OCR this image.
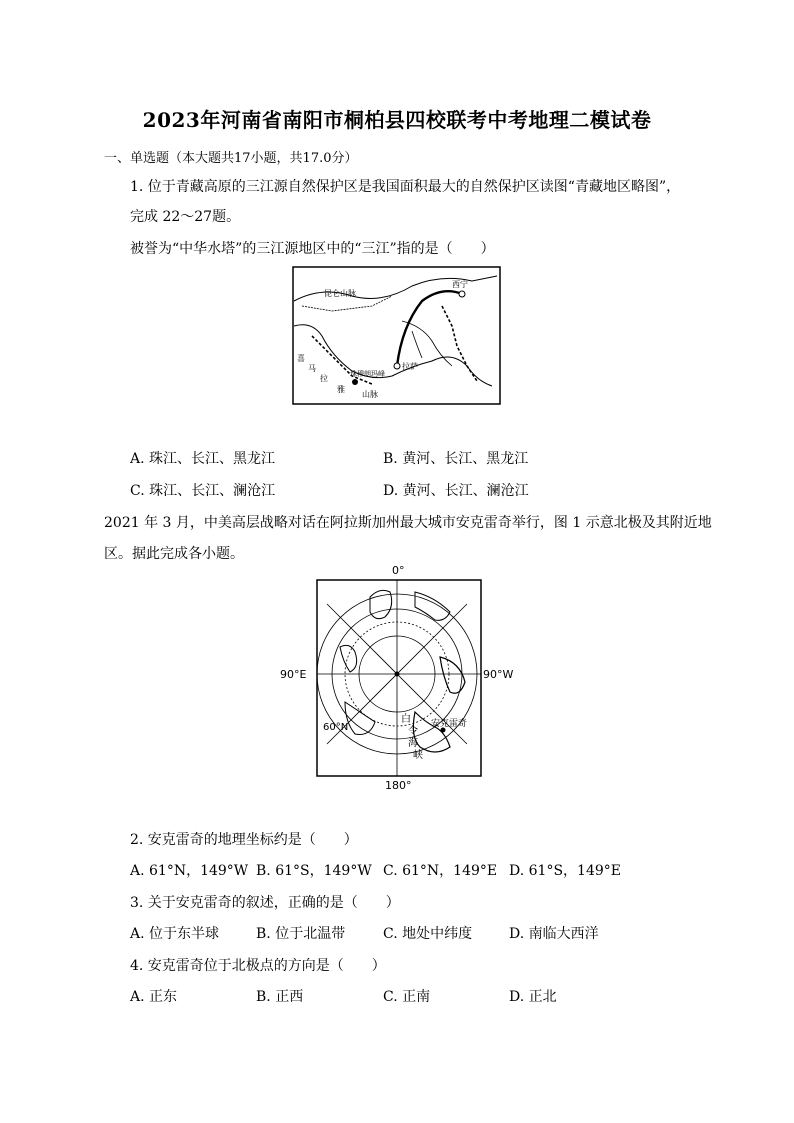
2023年河南省南阳市桐柏县四校联考中考地理二模试卷
一、单选题（本大题共17小题，共17.0分）
1. 位于青藏高原的三江源自然保护区是我国面积最大的自然保护区读图“青藏地区略图”，
完成 22～27题。
被誉为“中华水塔”的三江源地区中的“三江”指的是（　　）
西宁
昆仑山脉
拉萨
珠穆朗玛峰
喜
马
拉
雅
山脉
A. 珠江、长江、黑龙江	B. 黄河、长江、黑龙江
C. 珠江、长江、澜沧江	D. 黄河、长江、澜沧江
2021 年 3 月，中美高层战略对话在阿拉斯加州最大城市安克雷奇举行，图 1 示意北极及其附近地
区。据此完成各小题。
0°
90°E	90°W
180°
60°N
白
令
海
峡
安克雷奇
2. 安克雷奇的地理坐标约是（　　）
A. 61°N，149°W B. 61°S，149°W C. 61°N，149°E D. 61°S，149°E
3. 关于安克雷奇的叙述，正确的是（　　）
A. 位于东半球	B. 位于北温带	C. 地处中纬度	D. 南临大西洋
4. 安克雷奇位于北极点的方向是（　　）
A. 正东	B. 正西	C. 正南	D. 正北
